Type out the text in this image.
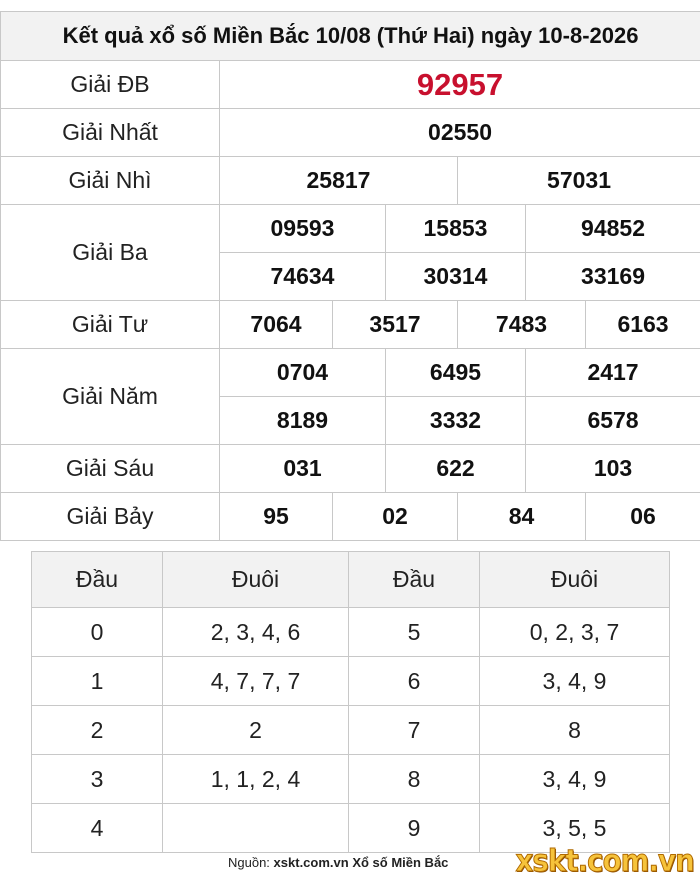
Kết quả xổ số Miền Bắc 10/08 (Thứ Hai) ngày 10-8-2026						
Giải ĐB	92957					
Giải Nhất	02550					
Giải Nhì	25817			57031		
Giải Ba	09593		15853		94852	
	74634		30314		33169	
Giải Tư	7064	3517		7483		6163
Giải Năm	0704		6495		2417	
	8189		3332		6578	
Giải Sáu	031		622		103	
Giải Bảy	95	02		84		06
Đầu	Đuôi	Đầu	Đuôi
0	2, 3, 4, 6	5	0, 2, 3, 7
1	4, 7, 7, 7	6	3, 4, 9
2	2	7	8
3	1, 1, 2, 4	8	3, 4, 9
4		9	3, 5, 5
Nguồn: xskt.com.vn Xổ số Miền Bắc xskt.com.vn
